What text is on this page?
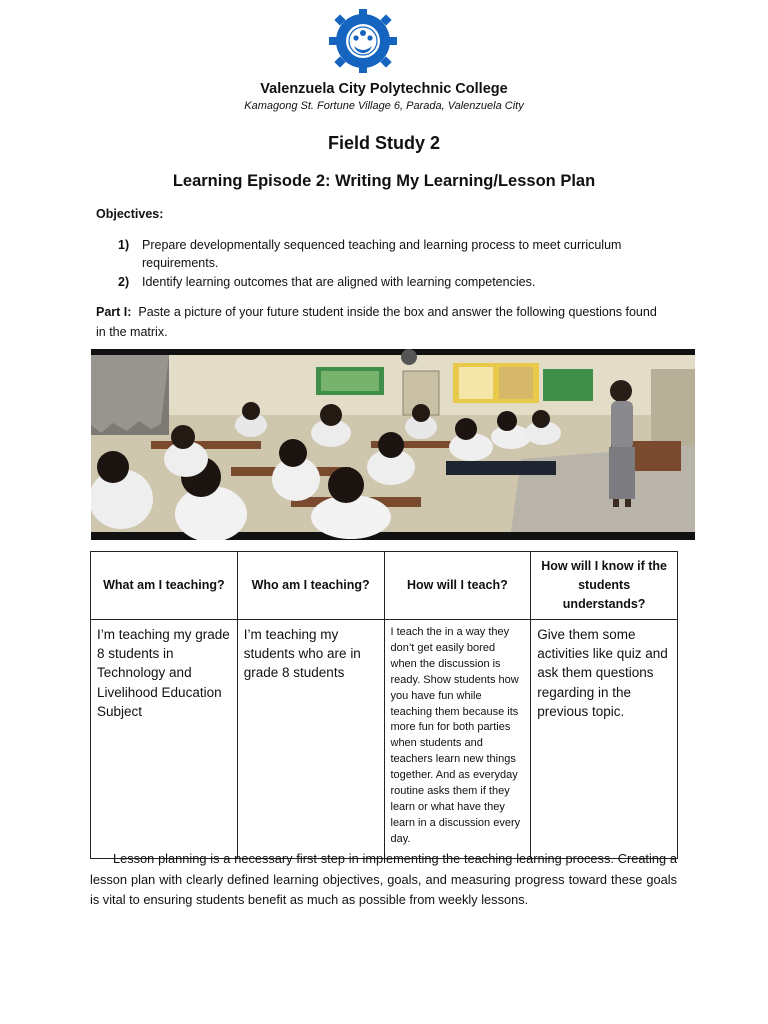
Valenzuela City Polytechnic College
Kamagong St. Fortune Village 6, Parada, Valenzuela City
Field Study 2
Learning Episode 2: Writing My Learning/Lesson Plan
Objectives:
1)	Prepare developmentally sequenced teaching and learning process to meet curriculum requirements.
2)	Identify learning outcomes that are aligned with learning competencies.
Part I: Paste a picture of your future student inside the box and answer the following questions found in the matrix.
What am I teaching?	Who am I teaching?	How will I teach?	How will I know if the students understands?
I’m teaching my grade 8 students in Technology and Livelihood Education Subject	I’m teaching my students who are in grade 8 students	I teach the in a way they don’t get easily bored when the discussion is ready. Show students how you have fun while teaching them because its more fun for both parties when students and teachers learn new things together. And as everyday routine asks them if they learn or what have they learn in a discussion every day.	Give them some activities like quiz and ask them questions regarding in the previous topic.
Lesson planning is a necessary first step in implementing the teaching learning process. Creating a lesson plan with clearly defined learning objectives, goals, and measuring progress toward these goals is vital to ensuring students benefit as much as possible from weekly lessons.
